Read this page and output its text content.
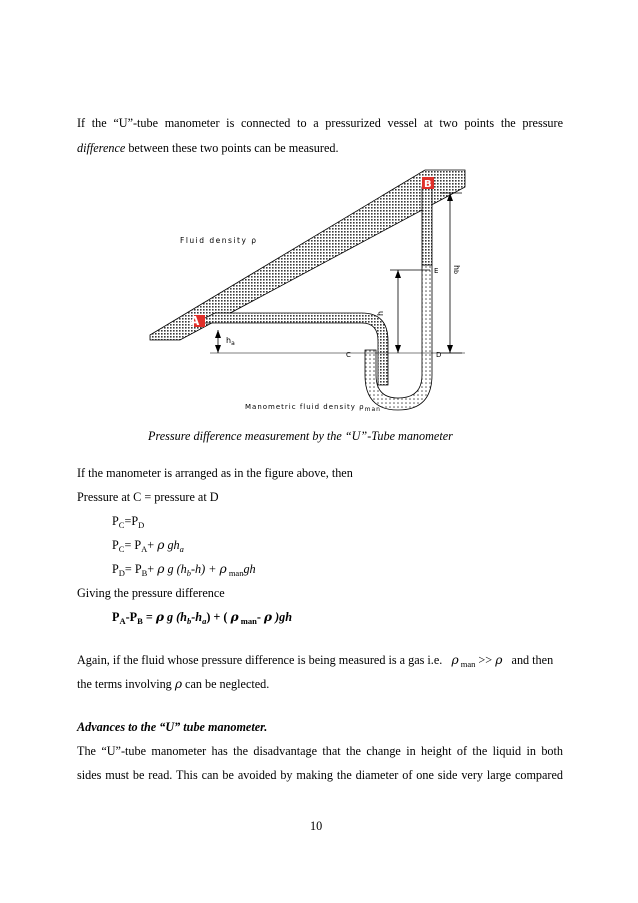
If the “U”-tube manometer is connected to a pressurized vessel at two points the pressure
difference between these two points can be measured.
A
B
Fluid density ρ
E
h
hb
$h_a$
C	D
Manometric fluid density ρman
Pressure difference measurement by the “U”-Tube manometer
If the manometer is arranged as in the figure above, then
Pressure at C = pressure at D
$P_C=P_D$
$P_C= P_A+ \rho$ $gh_a$
$P_D= P_B+ \rho$ g $(h_b-h) + \rho$ $_{man}$gh
Giving the pressure difference
$P_A-P_B = \rho$ g $(h_b-h_a)$ + ( ρ $_{man}$- ρ )gh
Again, if the fluid whose pressure difference is being measured is a gas i.e. ρ $_{man}$ >> ρ   and then
the terms involving ρ can be neglected.
Advances to the “U” tube manometer.
The “U”-tube manometer has the disadvantage that the change in height of the liquid in both
sides must be read. This can be avoided by making the diameter of one side very large compared
10
